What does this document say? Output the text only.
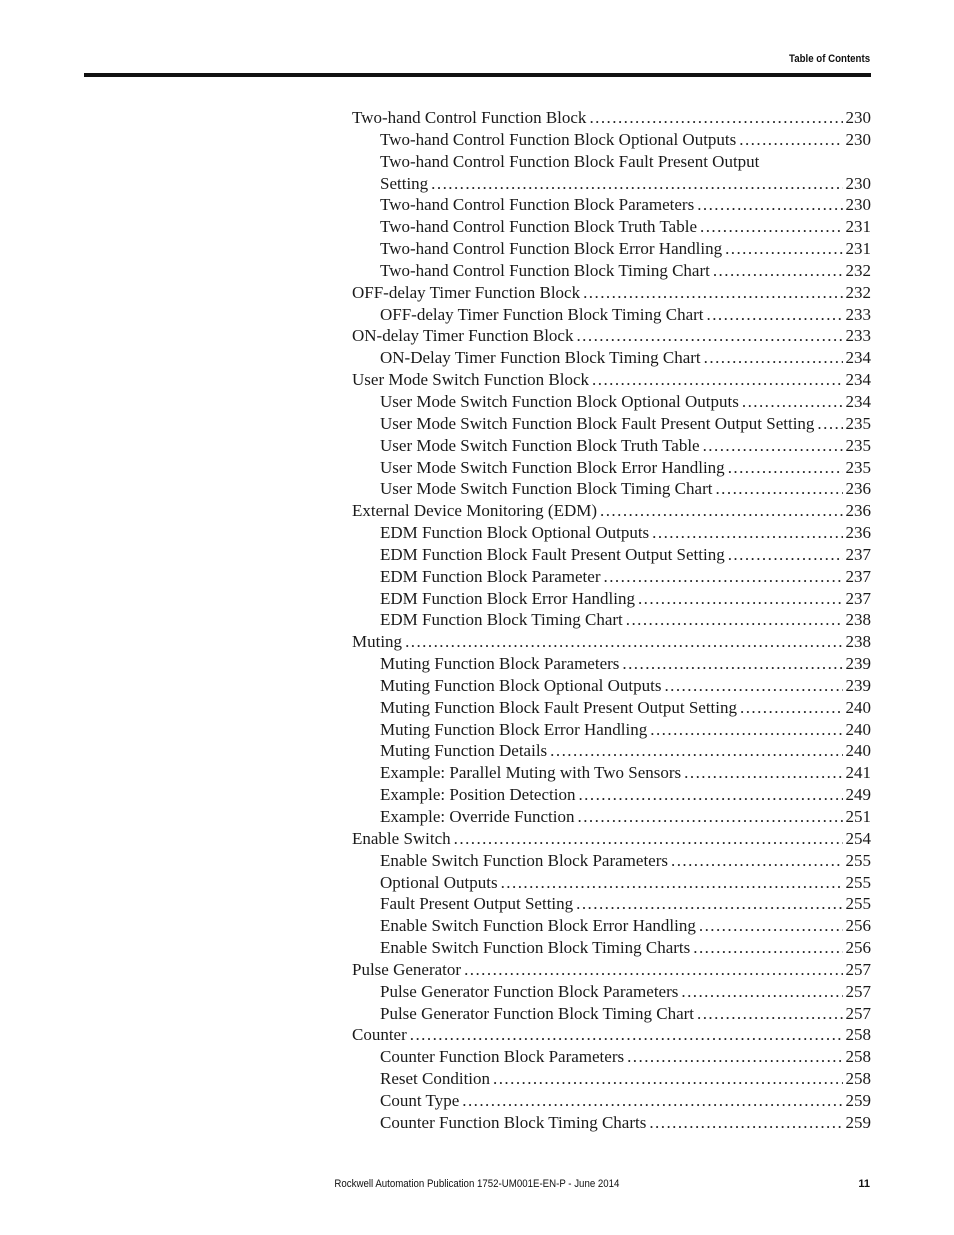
Table of Contents
Two-hand Control Function Block . . .	230
Two-hand Control Function Block Optional Outputs . . .	230
Two-hand Control Function Block Fault Present Output
Setting . . .	230
Two-hand Control Function Block Parameters . . .	230
Two-hand Control Function Block Truth Table . . .	231
Two-hand Control Function Block Error Handling . . .	231
Two-hand Control Function Block Timing Chart . . .	232
OFF-delay Timer Function Block . . .	232
OFF-delay Timer Function Block Timing Chart . . .	233
ON-delay Timer Function Block . . .	233
ON-Delay Timer Function Block Timing Chart . . .	234
User Mode Switch Function Block . . .	234
User Mode Switch Function Block Optional Outputs . . .	234
User Mode Switch Function Block Fault Present Output Setting . . . 235
User Mode Switch Function Block Truth Table . . .	235
User Mode Switch Function Block Error Handling . . .	235
User Mode Switch Function Block Timing Chart . . .	236
External Device Monitoring (EDM) . . .	236
EDM Function Block Optional Outputs . . .	236
EDM Function Block Fault Present Output Setting . . .	237
EDM Function Block Parameter . . .	237
EDM Function Block Error Handling . . .	237
EDM Function Block Timing Chart . . .	238
Muting . . .	238
Muting Function Block Parameters . . .	239
Muting Function Block Optional Outputs . . .	239
Muting Function Block Fault Present Output Setting . . .	240
Muting Function Block Error Handling . . .	240
Muting Function Details . . .	240
Example: Parallel Muting with Two Sensors . . .	241
Example: Position Detection . . .	249
Example: Override Function . . .	251
Enable Switch . . .	254
Enable Switch Function Block Parameters . . .	255
Optional Outputs . . .	255
Fault Present Output Setting . . .	255
Enable Switch Function Block Error Handling . . .	256
Enable Switch Function Block Timing Charts . . .	256
Pulse Generator . . .	257
Pulse Generator Function Block Parameters . . .	257
Pulse Generator Function Block Timing Chart . . .	257
Counter . . .	258
Counter Function Block Parameters . . .	258
Reset Condition . . .	258
Count Type . . .	259
Counter Function Block Timing Charts . . .	259
Rockwell Automation Publication 1752-UM001E-EN-P - June 2014	11
